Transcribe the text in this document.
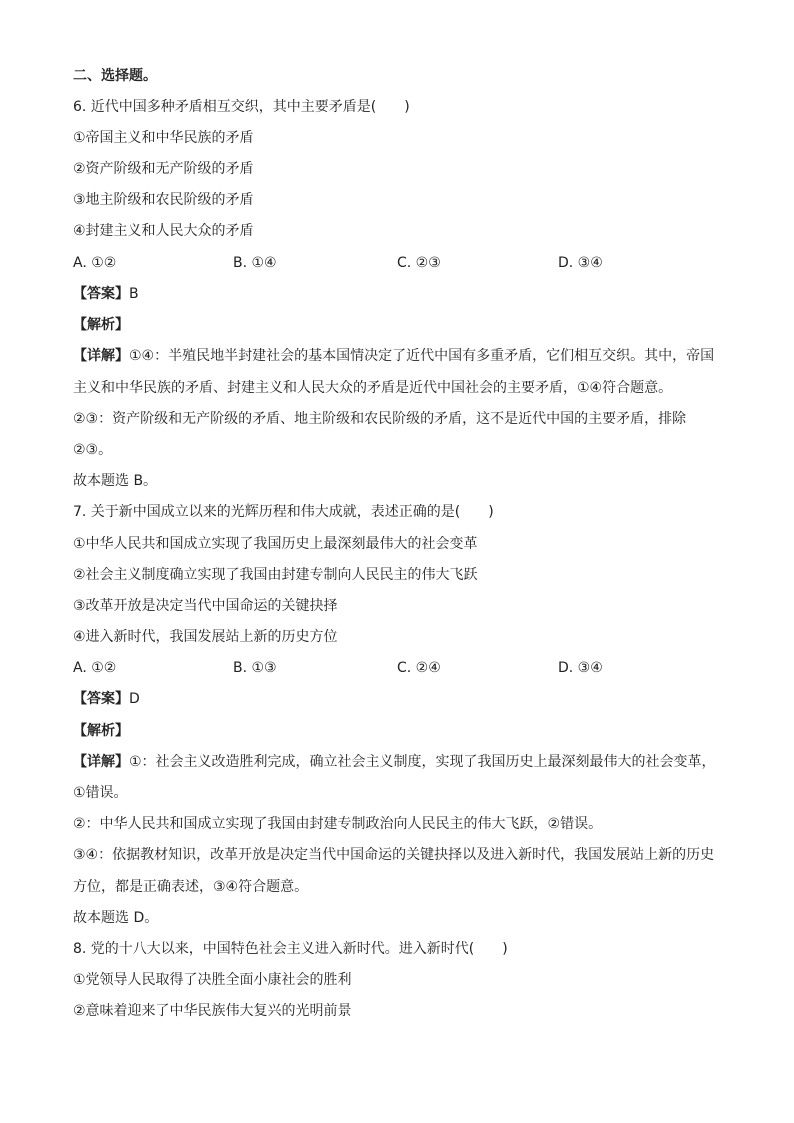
二、选择题。
6. 近代中国多种矛盾相互交织，其中主要矛盾是(　　)
①帝国主义和中华民族的矛盾
②资产阶级和无产阶级的矛盾
③地主阶级和农民阶级的矛盾
④封建主义和人民大众的矛盾
A. ①②	B. ①④	C. ②③	D. ③④
【答案】B
【解析】
【详解】①④：半殖民地半封建社会的基本国情决定了近代中国有多重矛盾，它们相互交织。其中，帝国
主义和中华民族的矛盾、封建主义和人民大众的矛盾是近代中国社会的主要矛盾，①④符合题意。
②③：资产阶级和无产阶级的矛盾、地主阶级和农民阶级的矛盾，这不是近代中国的主要矛盾，排除
②③。
故本题选 B。
7. 关于新中国成立以来的光辉历程和伟大成就，表述正确的是(　　)
①中华人民共和国成立实现了我国历史上最深刻最伟大的社会变革
②社会主义制度确立实现了我国由封建专制向人民民主的伟大飞跃
③改革开放是决定当代中国命运的关键抉择
④进入新时代，我国发展站上新的历史方位
A. ①②	B. ①③	C. ②④	D. ③④
【答案】D
【解析】
【详解】①：社会主义改造胜利完成，确立社会主义制度，实现了我国历史上最深刻最伟大的社会变革，
①错误。
②：中华人民共和国成立实现了我国由封建专制政治向人民民主的伟大飞跃，②错误。
③④：依据教材知识，改革开放是决定当代中国命运的关键抉择以及进入新时代，我国发展站上新的历史
方位，都是正确表述，③④符合题意。
故本题选 D。
8. 党的十八大以来，中国特色社会主义进入新时代。进入新时代(　　)
①党领导人民取得了决胜全面小康社会的胜利
②意味着迎来了中华民族伟大复兴的光明前景
